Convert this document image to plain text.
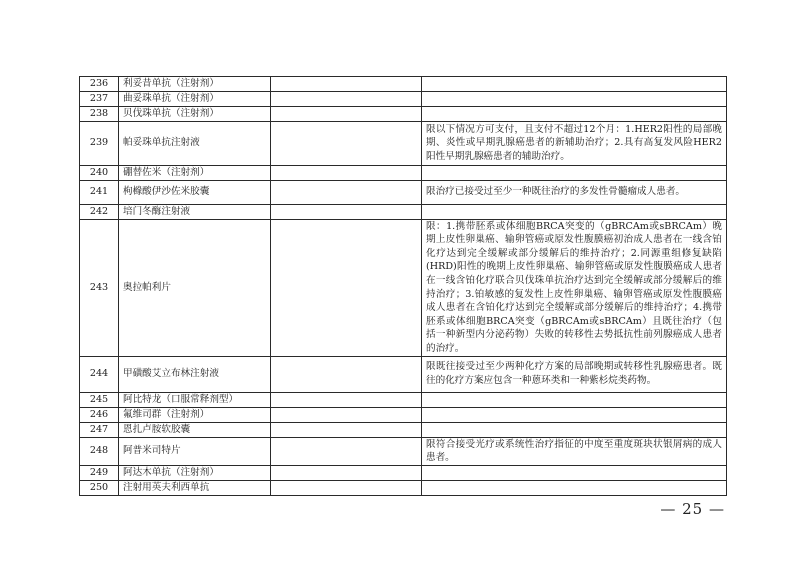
236	利妥昔单抗（注射剂）		
237	曲妥珠单抗（注射剂）		
238	贝伐珠单抗（注射剂）		
239	帕妥珠单抗注射液		限以下情况方可支付，且支付不超过12个月：1.HER2阳性的局部晚期、炎性或早期乳腺癌患者的新辅助治疗；2.具有高复发风险HER2阳性早期乳腺癌患者的辅助治疗。
240	硼替佐米（注射剂）		
241	枸橼酸伊沙佐米胶囊		限治疗已接受过至少一种既往治疗的多发性骨髓瘤成人患者。
242	培门冬酶注射液		
243	奥拉帕利片		限：1.携带胚系或体细胞BRCA突变的（gBRCAm或sBRCAm）晚期上皮性卵巢癌、输卵管癌或原发性腹膜癌初治成人患者在一线含铂化疗达到完全缓解或部分缓解后的维持治疗；2.同源重组修复缺陷(HRD)阳性的晚期上皮性卵巢癌、输卵管癌或原发性腹膜癌成人患者在一线含铂化疗联合贝伐珠单抗治疗达到完全缓解或部分缓解后的维持治疗；3.铂敏感的复发性上皮性卵巢癌、输卵管癌或原发性腹膜癌成人患者在含铂化疗达到完全缓解或部分缓解后的维持治疗；4.携带胚系或体细胞BRCA突变（gBRCAm或sBRCAm）且既往治疗（包括一种新型内分泌药物）失败的转移性去势抵抗性前列腺癌成人患者的治疗。
244	甲磺酸艾立布林注射液		限既往接受过至少两种化疗方案的局部晚期或转移性乳腺癌患者。既往的化疗方案应包含一种蒽环类和一种紫杉烷类药物。
245	阿比特龙（口服常释剂型）		
246	氟维司群（注射剂）		
247	恩扎卢胺软胶囊		
248	阿普米司特片		限符合接受光疗或系统性治疗指征的中度至重度斑块状银屑病的成人患者。
249	阿达木单抗（注射剂）		
250	注射用英夫利西单抗		
— 25 —
